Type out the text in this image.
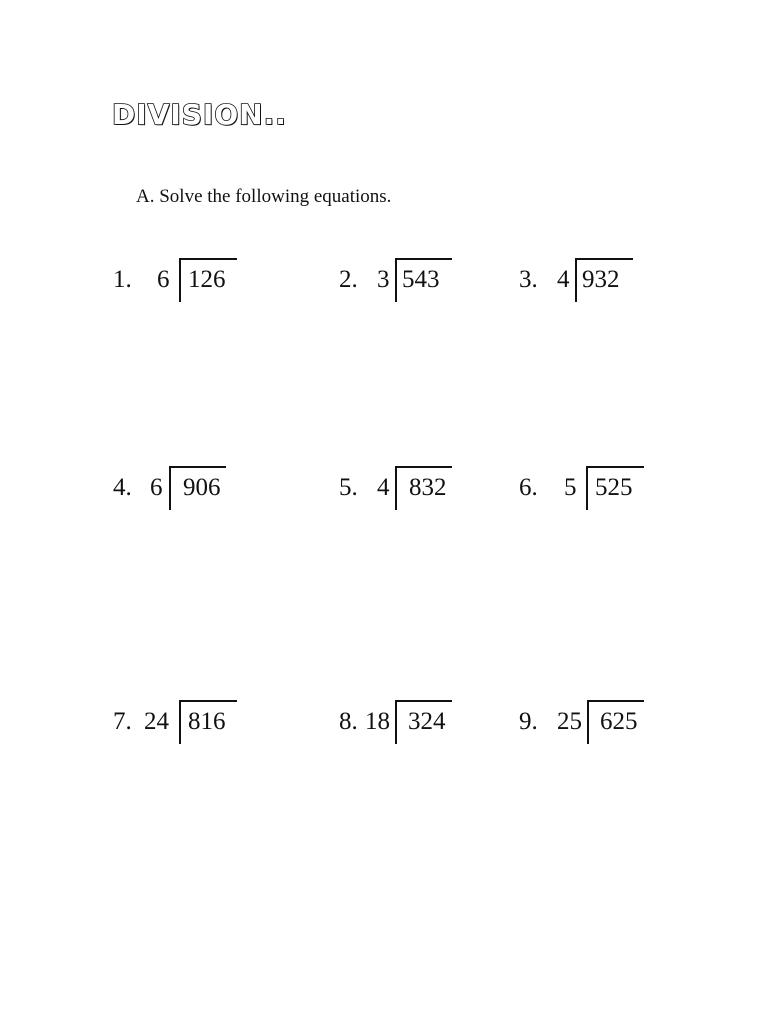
DIVISION..
A. Solve the following equations.
1. 6 126	2. 3 543	3. 4 932
4. 6 906	5. 4 832	6. 5 525
7. 24 816	8. 18 324	9. 25 625
